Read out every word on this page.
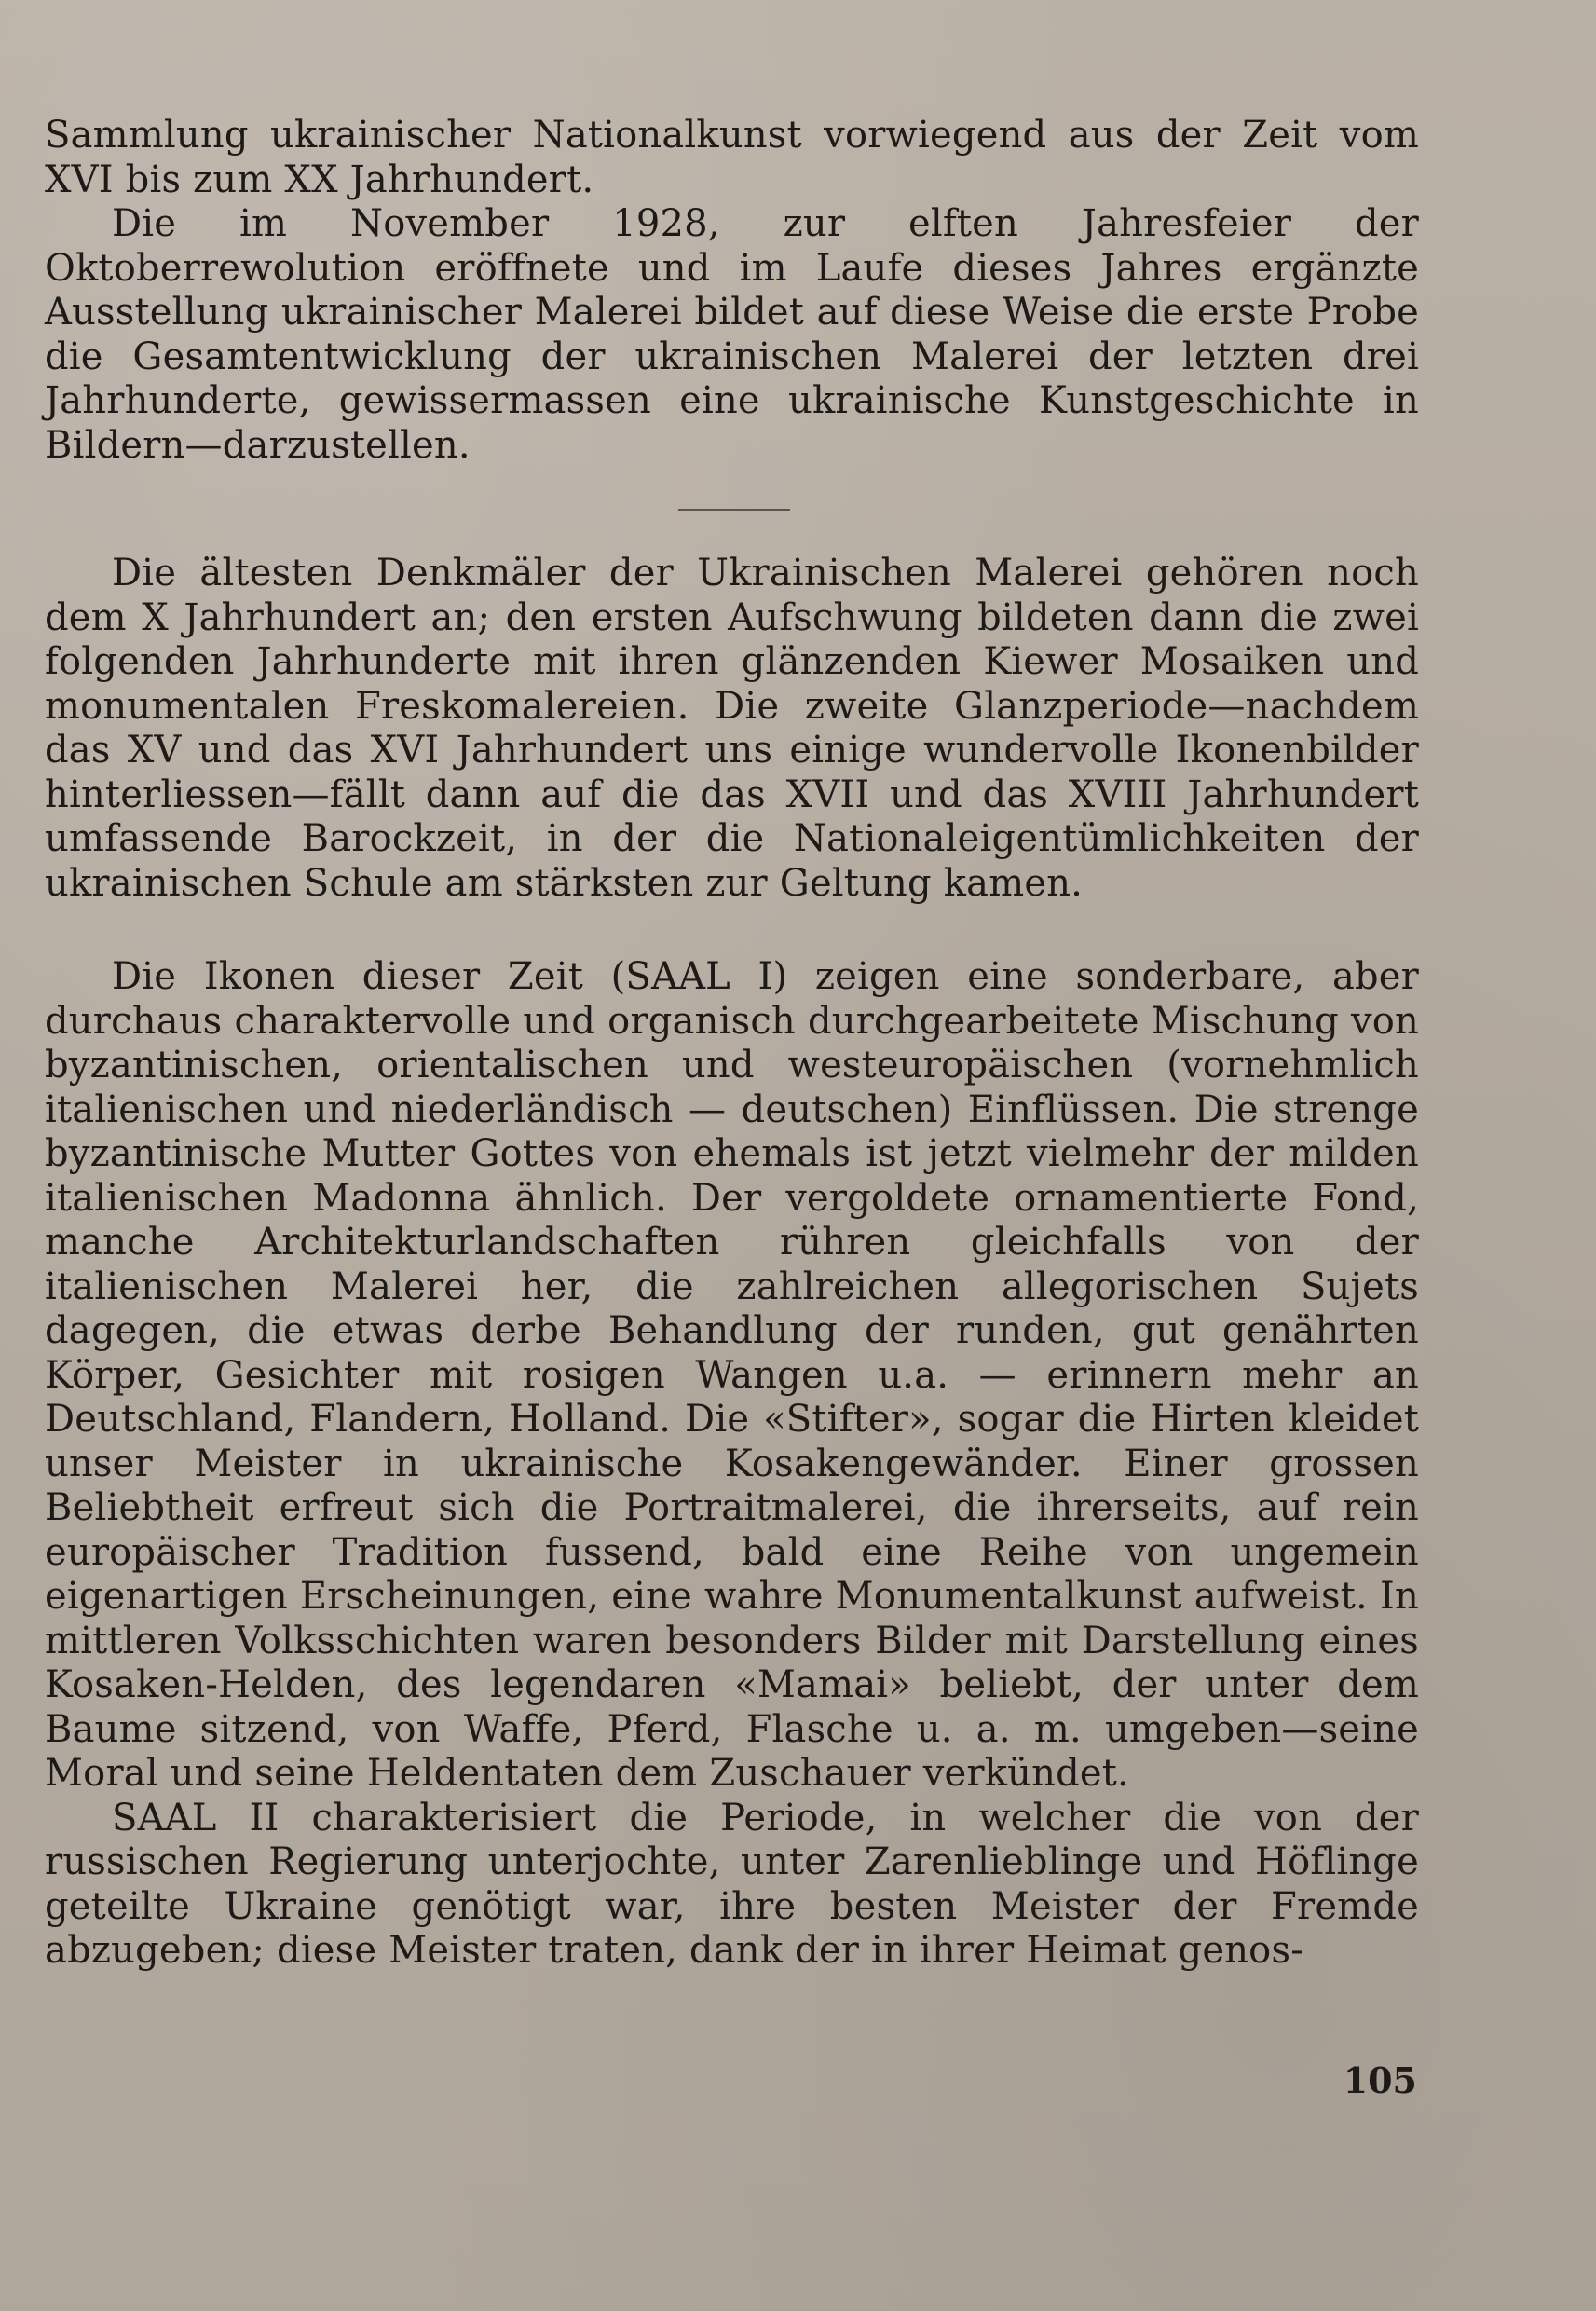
Sammlung ukrainischer Nationalkunst vorwiegend aus der Zeit vom XVI bis zum XX Jahrhundert.

Die im November 1928, zur elften Jahresfeier der Oktoberrewolution eröffnete und im Laufe dieses Jahres ergänzte Ausstellung ukrainischer Malerei bildet auf diese Weise die erste Probe die Gesamtentwicklung der ukrainischen Malerei der letzten drei Jahrhunderte, gewissermassen eine ukrainische Kunstgeschichte in Bildern—darzustellen.

Die ältesten Denkmäler der Ukrainischen Malerei gehören noch dem X Jahrhundert an; den ersten Aufschwung bildeten dann die zwei folgenden Jahrhunderte mit ihren glänzenden Kiewer Mosaiken und monumentalen Freskomalereien. Die zweite Glanzperiode—nachdem das XV und das XVI Jahrhundert uns einige wundervolle Ikonenbilder hinterliessen—fällt dann auf die das XVII und das XVIII Jahrhundert umfassende Barockzeit, in der die Nationaleigentümlichkeiten der ukrainischen Schule am stärksten zur Geltung kamen.

Die Ikonen dieser Zeit (SAAL I) zeigen eine sonderbare, aber durchaus charaktervolle und organisch durchgearbeitete Mischung von byzantinischen, orientalischen und westeuropäischen (vornehmlich italienischen und niederländisch — deutschen) Einflüssen. Die strenge byzantinische Mutter Gottes von ehemals ist jetzt vielmehr der milden italienischen Madonna ähnlich. Der vergoldete ornamentierte Fond, manche Architekturlandschaften rühren gleichfalls von der italienischen Malerei her, die zahlreichen allegorischen Sujets dagegen, die etwas derbe Behandlung der runden, gut genährten Körper, Gesichter mit rosigen Wangen u.a. — erinnern mehr an Deutschland, Flandern, Holland. Die «Stifter», sogar die Hirten kleidet unser Meister in ukrainische Kosakengewänder. Einer grossen Beliebtheit erfreut sich die Portraitmalerei, die ihrerseits, auf rein europäischer Tradition fussend, bald eine Reihe von ungemein eigenartigen Erscheinungen, eine wahre Monumentalkunst aufweist. In mittleren Volksschichten waren besonders Bilder mit Darstellung eines Kosaken-Helden, des legendaren «Mamai» beliebt, der unter dem Baume sitzend, von Waffe, Pferd, Flasche u. a. m. umgeben—seine Moral und seine Heldentaten dem Zuschauer verkündet.

SAAL II charakterisiert die Periode, in welcher die von der russischen Regierung unterjochte, unter Zarenlieblinge und Höflinge geteilte Ukraine genötigt war, ihre besten Meister der Fremde abzugeben; diese Meister traten, dank der in ihrer Heimat genos-

105
